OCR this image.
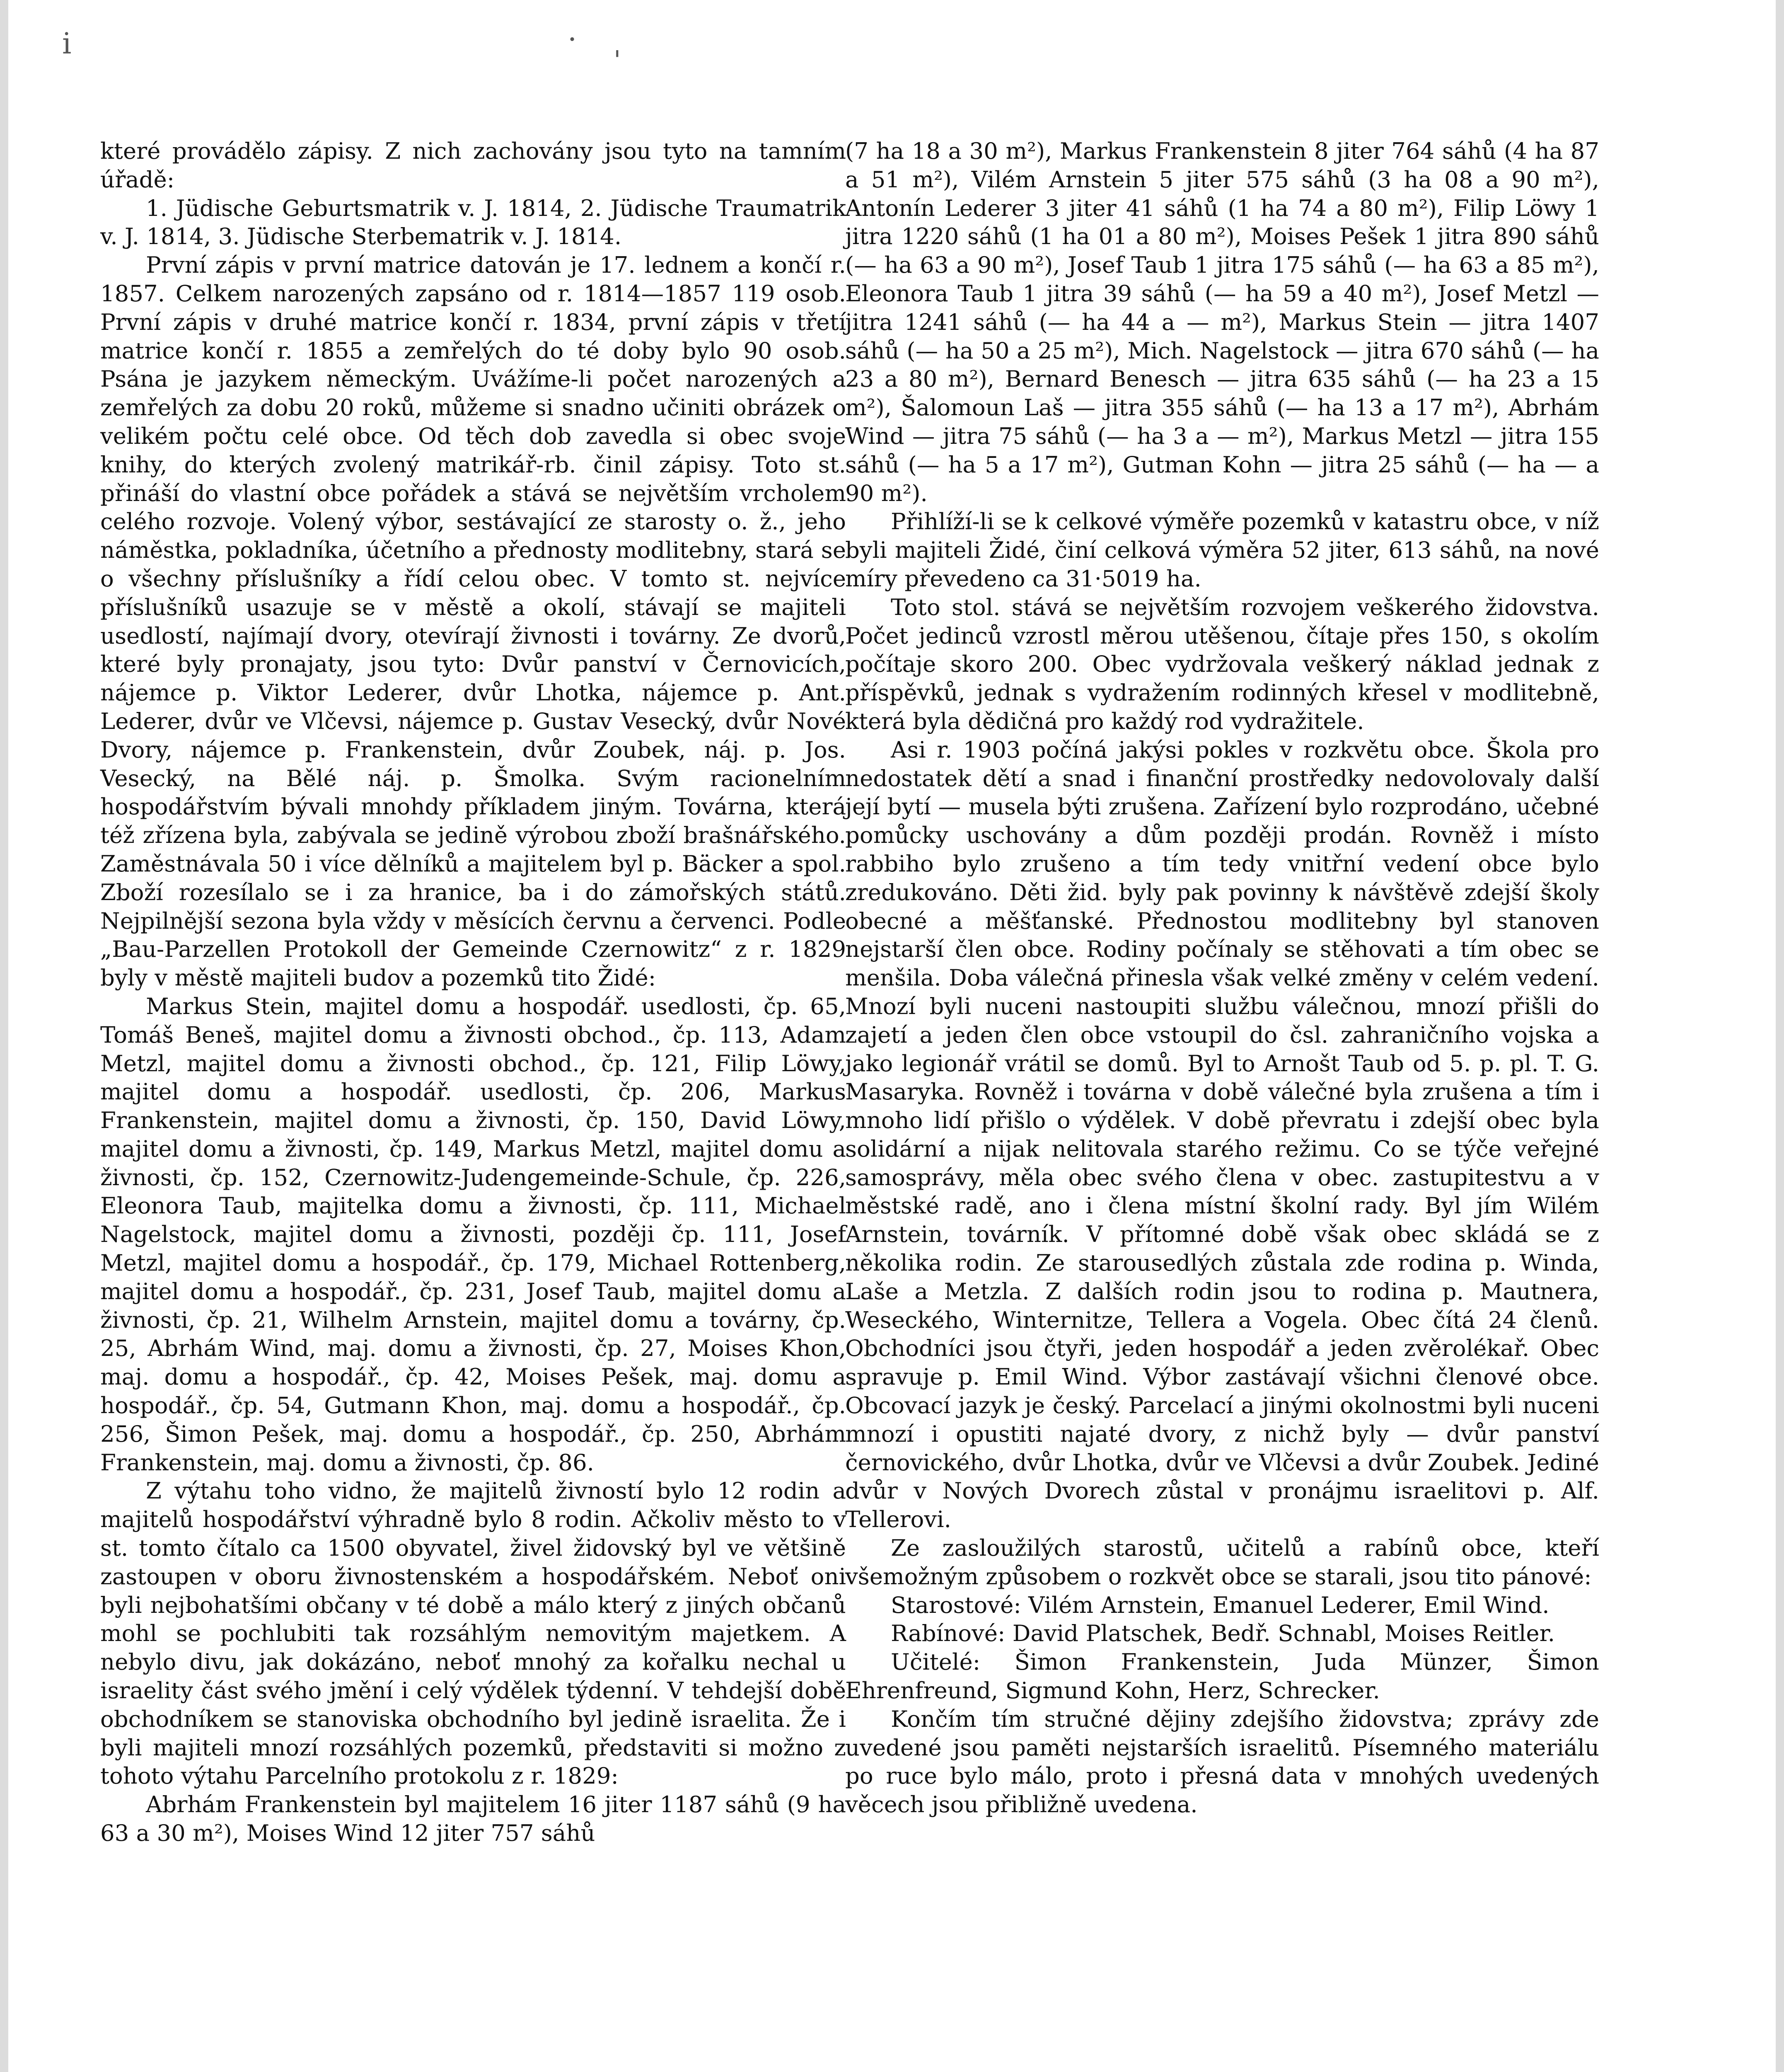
ⅰ	· ˌ

které provádělo zápisy. Z nich zachovány jsou tyto na tamním úřadě:

1. Jüdische Geburtsmatrik v. J. 1814, 2. Jüdische Traumatrik v. J. 1814, 3. Jüdische Sterbematrik v. J. 1814.

První zápis v první matrice datován je 17. lednem a končí r. 1857. Celkem narozených zapsáno od r. 1814—1857 119 osob. První zápis v druhé matrice končí r. 1834, první zápis v třetí matrice končí r. 1855 a zemřelých do té doby bylo 90 osob. Psána je jazykem německým. Uvážíme-li počet narozených a zemřelých za dobu 20 roků, můžeme si snadno učiniti obrázek o velikém počtu celé obce. Od těch dob zavedla si obec svoje knihy, do kterých zvolený matrikář-rb. činil zápisy. Toto st. přináší do vlastní obce pořádek a stává se největším vrcholem celého rozvoje. Volený výbor, sestávající ze starosty o. ž., jeho náměstka, pokladníka, účetního a přednosty modlitebny, stará se o všechny příslušníky a řídí celou obec. V tomto st. nejvíce příslušníků usazuje se v městě a okolí, stávají se majiteli usedlostí, najímají dvory, otevírají živnosti i továrny. Ze dvorů, které byly pronajaty, jsou tyto: Dvůr panství v Černovicích, nájemce p. Viktor Lederer, dvůr Lhotka, nájemce p. Ant. Lederer, dvůr ve Vlčevsi, nájemce p. Gustav Vesecký, dvůr Nové Dvory, nájemce p. Frankenstein, dvůr Zoubek, náj. p. Jos. Vesecký, na Bělé náj. p. Šmolka. Svým racionelním hospodářstvím bývali mnohdy příkladem jiným. Továrna, která též zřízena byla, zabývala se jedině výrobou zboží brašnářského. Zaměstnávala 50 i více dělníků a majitelem byl p. Bäcker a spol. Zboží rozesílalo se i za hranice, ba i do zámořských států. Nejpilnější sezona byla vždy v měsících červnu a červenci. Podle „Bau-Parzellen Protokoll der Gemeinde Czernowitz“ z r. 1829 byly v městě majiteli budov a pozemků tito Židé:

Markus Stein, majitel domu a hospodář. usedlosti, čp. 65, Tomáš Beneš, majitel domu a živnosti obchod., čp. 113, Adam Metzl, majitel domu a živnosti obchod., čp. 121, Filip Löwy, majitel domu a hospodář. usedlosti, čp. 206, Markus Frankenstein, majitel domu a živnosti, čp. 150, David Löwy, majitel domu a živnosti, čp. 149, Markus Metzl, majitel domu a živnosti, čp. 152, Czernowitz-Judengemeinde-Schule, čp. 226, Eleonora Taub, majitelka domu a živnosti, čp. 111, Michael Nagelstock, majitel domu a živnosti, později čp. 111, Josef Metzl, majitel domu a hospodář., čp. 179, Michael Rottenberg, majitel domu a hospodář., čp. 231, Josef Taub, majitel domu a živnosti, čp. 21, Wilhelm Arnstein, majitel domu a továrny, čp. 25, Abrhám Wind, maj. domu a živnosti, čp. 27, Moises Khon, maj. domu a hospodář., čp. 42, Moises Pešek, maj. domu a hospodář., čp. 54, Gutmann Khon, maj. domu a hospodář., čp. 256, Šimon Pešek, maj. domu a hospodář., čp. 250, Abrhám Frankenstein, maj. domu a živnosti, čp. 86.

Z výtahu toho vidno, že majitelů živností bylo 12 rodin a majitelů hospodářství výhradně bylo 8 rodin. Ačkoliv město to v st. tomto čítalo ca 1500 obyvatel, živel židovský byl ve většině zastoupen v oboru živnostenském a hospodářském. Neboť oni byli nejbohatšími občany v té době a málo který z jiných občanů mohl se pochlubiti tak rozsáhlým nemovitým majetkem. A nebylo divu, jak dokázáno, neboť mnohý za kořalku nechal u israelity část svého jmění i celý výdělek týdenní. V tehdejší době obchodníkem se stanoviska obchodního byl jedině israelita. Že i byli majiteli mnozí rozsáhlých pozemků, představiti si možno z tohoto výtahu Parcelního protokolu z r. 1829:

Abrhám Frankenstein byl majitelem 16 jiter 1187 sáhů (9 ha 63 a 30 m²), Moises Wind 12 jiter 757 sáhů

(7 ha 18 a 30 m²), Markus Frankenstein 8 jiter 764 sáhů (4 ha 87 a 51 m²), Vilém Arnstein 5 jiter 575 sáhů (3 ha 08 a 90 m²), Antonín Lederer 3 jiter 41 sáhů (1 ha 74 a 80 m²), Filip Löwy 1 jitra 1220 sáhů (1 ha 01 a 80 m²), Moises Pešek 1 jitra 890 sáhů (— ha 63 a 90 m²), Josef Taub 1 jitra 175 sáhů (— ha 63 a 85 m²), Eleonora Taub 1 jitra 39 sáhů (— ha 59 a 40 m²), Josef Metzl — jitra 1241 sáhů (— ha 44 a — m²), Markus Stein — jitra 1407 sáhů (— ha 50 a 25 m²), Mich. Nagelstock — jitra 670 sáhů (— ha 23 a 80 m²), Bernard Benesch — jitra 635 sáhů (— ha 23 a 15 m²), Šalomoun Laš — jitra 355 sáhů (— ha 13 a 17 m²), Abrhám Wind — jitra 75 sáhů (— ha 3 a — m²), Markus Metzl — jitra 155 sáhů (— ha 5 a 17 m²), Gutman Kohn — jitra 25 sáhů (— ha — a 90 m²).

Přihlíží-li se k celkové výměře pozemků v katastru obce, v níž byli majiteli Židé, činí celková výměra 52 jiter, 613 sáhů, na nové míry převedeno ca 31·5019 ha.

Toto stol. stává se největším rozvojem veškerého židovstva. Počet jedinců vzrostl měrou utěšenou, čítaje přes 150, s okolím počítaje skoro 200. Obec vydržovala veškerý náklad jednak z příspěvků, jednak s vydražením rodinných křesel v modlitebně, která byla dědičná pro každý rod vydražitele.

Asi r. 1903 počíná jakýsi pokles v rozkvětu obce. Škola pro nedostatek dětí a snad i finanční prostředky nedovolovaly další její bytí — musela býti zrušena. Zařízení bylo rozprodáno, učebné pomůcky uschovány a dům později prodán. Rovněž i místo rabbiho bylo zrušeno a tím tedy vnitřní vedení obce bylo zredukováno. Děti žid. byly pak povinny k návštěvě zdejší školy obecné a měšťanské. Přednostou modlitebny byl stanoven nejstarší člen obce. Rodiny počínaly se stěhovati a tím obec se menšila. Doba válečná přinesla však velké změny v celém vedení. Mnozí byli nuceni nastoupiti službu válečnou, mnozí přišli do zajetí a jeden člen obce vstoupil do čsl. zahraničního vojska a jako legionář vrátil se domů. Byl to Arnošt Taub od 5. p. pl. T. G. Masaryka. Rovněž i továrna v době válečné byla zrušena a tím i mnoho lidí přišlo o výdělek. V době převratu i zdejší obec byla solidární a nijak nelitovala starého režimu. Co se týče veřejné samosprávy, měla obec svého člena v obec. zastupitestvu a v městské radě, ano i člena místní školní rady. Byl jím Wilém Arnstein, továrník. V přítomné době však obec skládá se z několika rodin. Ze starousedlých zůstala zde rodina p. Winda, Laše a Metzla. Z dalších rodin jsou to rodina p. Mautnera, Weseckého, Winternitze, Tellera a Vogela. Obec čítá 24 členů. Obchodníci jsou čtyři, jeden hospodář a jeden zvěrolékař. Obec spravuje p. Emil Wind. Výbor zastávají všichni členové obce. Obcovací jazyk je český. Parcelací a jinými okolnostmi byli nuceni mnozí i opustiti najaté dvory, z nichž byly — dvůr panství černovického, dvůr Lhotka, dvůr ve Vlčevsi a dvůr Zoubek. Jediné dvůr v Nových Dvorech zůstal v pronájmu israelitovi p. Alf. Tellerovi.

Ze zasloužilých starostů, učitelů a rabínů obce, kteří všemožným způsobem o rozkvět obce se starali, jsou tito pánové:

Starostové: Vilém Arnstein, Emanuel Lederer, Emil Wind.

Rabínové: David Platschek, Bedř. Schnabl, Moises Reitler.

Učitelé: Šimon Frankenstein, Juda Münzer, Šimon Ehrenfreund, Sigmund Kohn, Herz, Schrecker.

Končím tím stručné dějiny zdejšího židovstva; zprávy zde uvedené jsou paměti nejstarších israelitů. Písemného materiálu po ruce bylo málo, proto i přesná data v mnohých uvedených věcech jsou přibližně uvedena.
